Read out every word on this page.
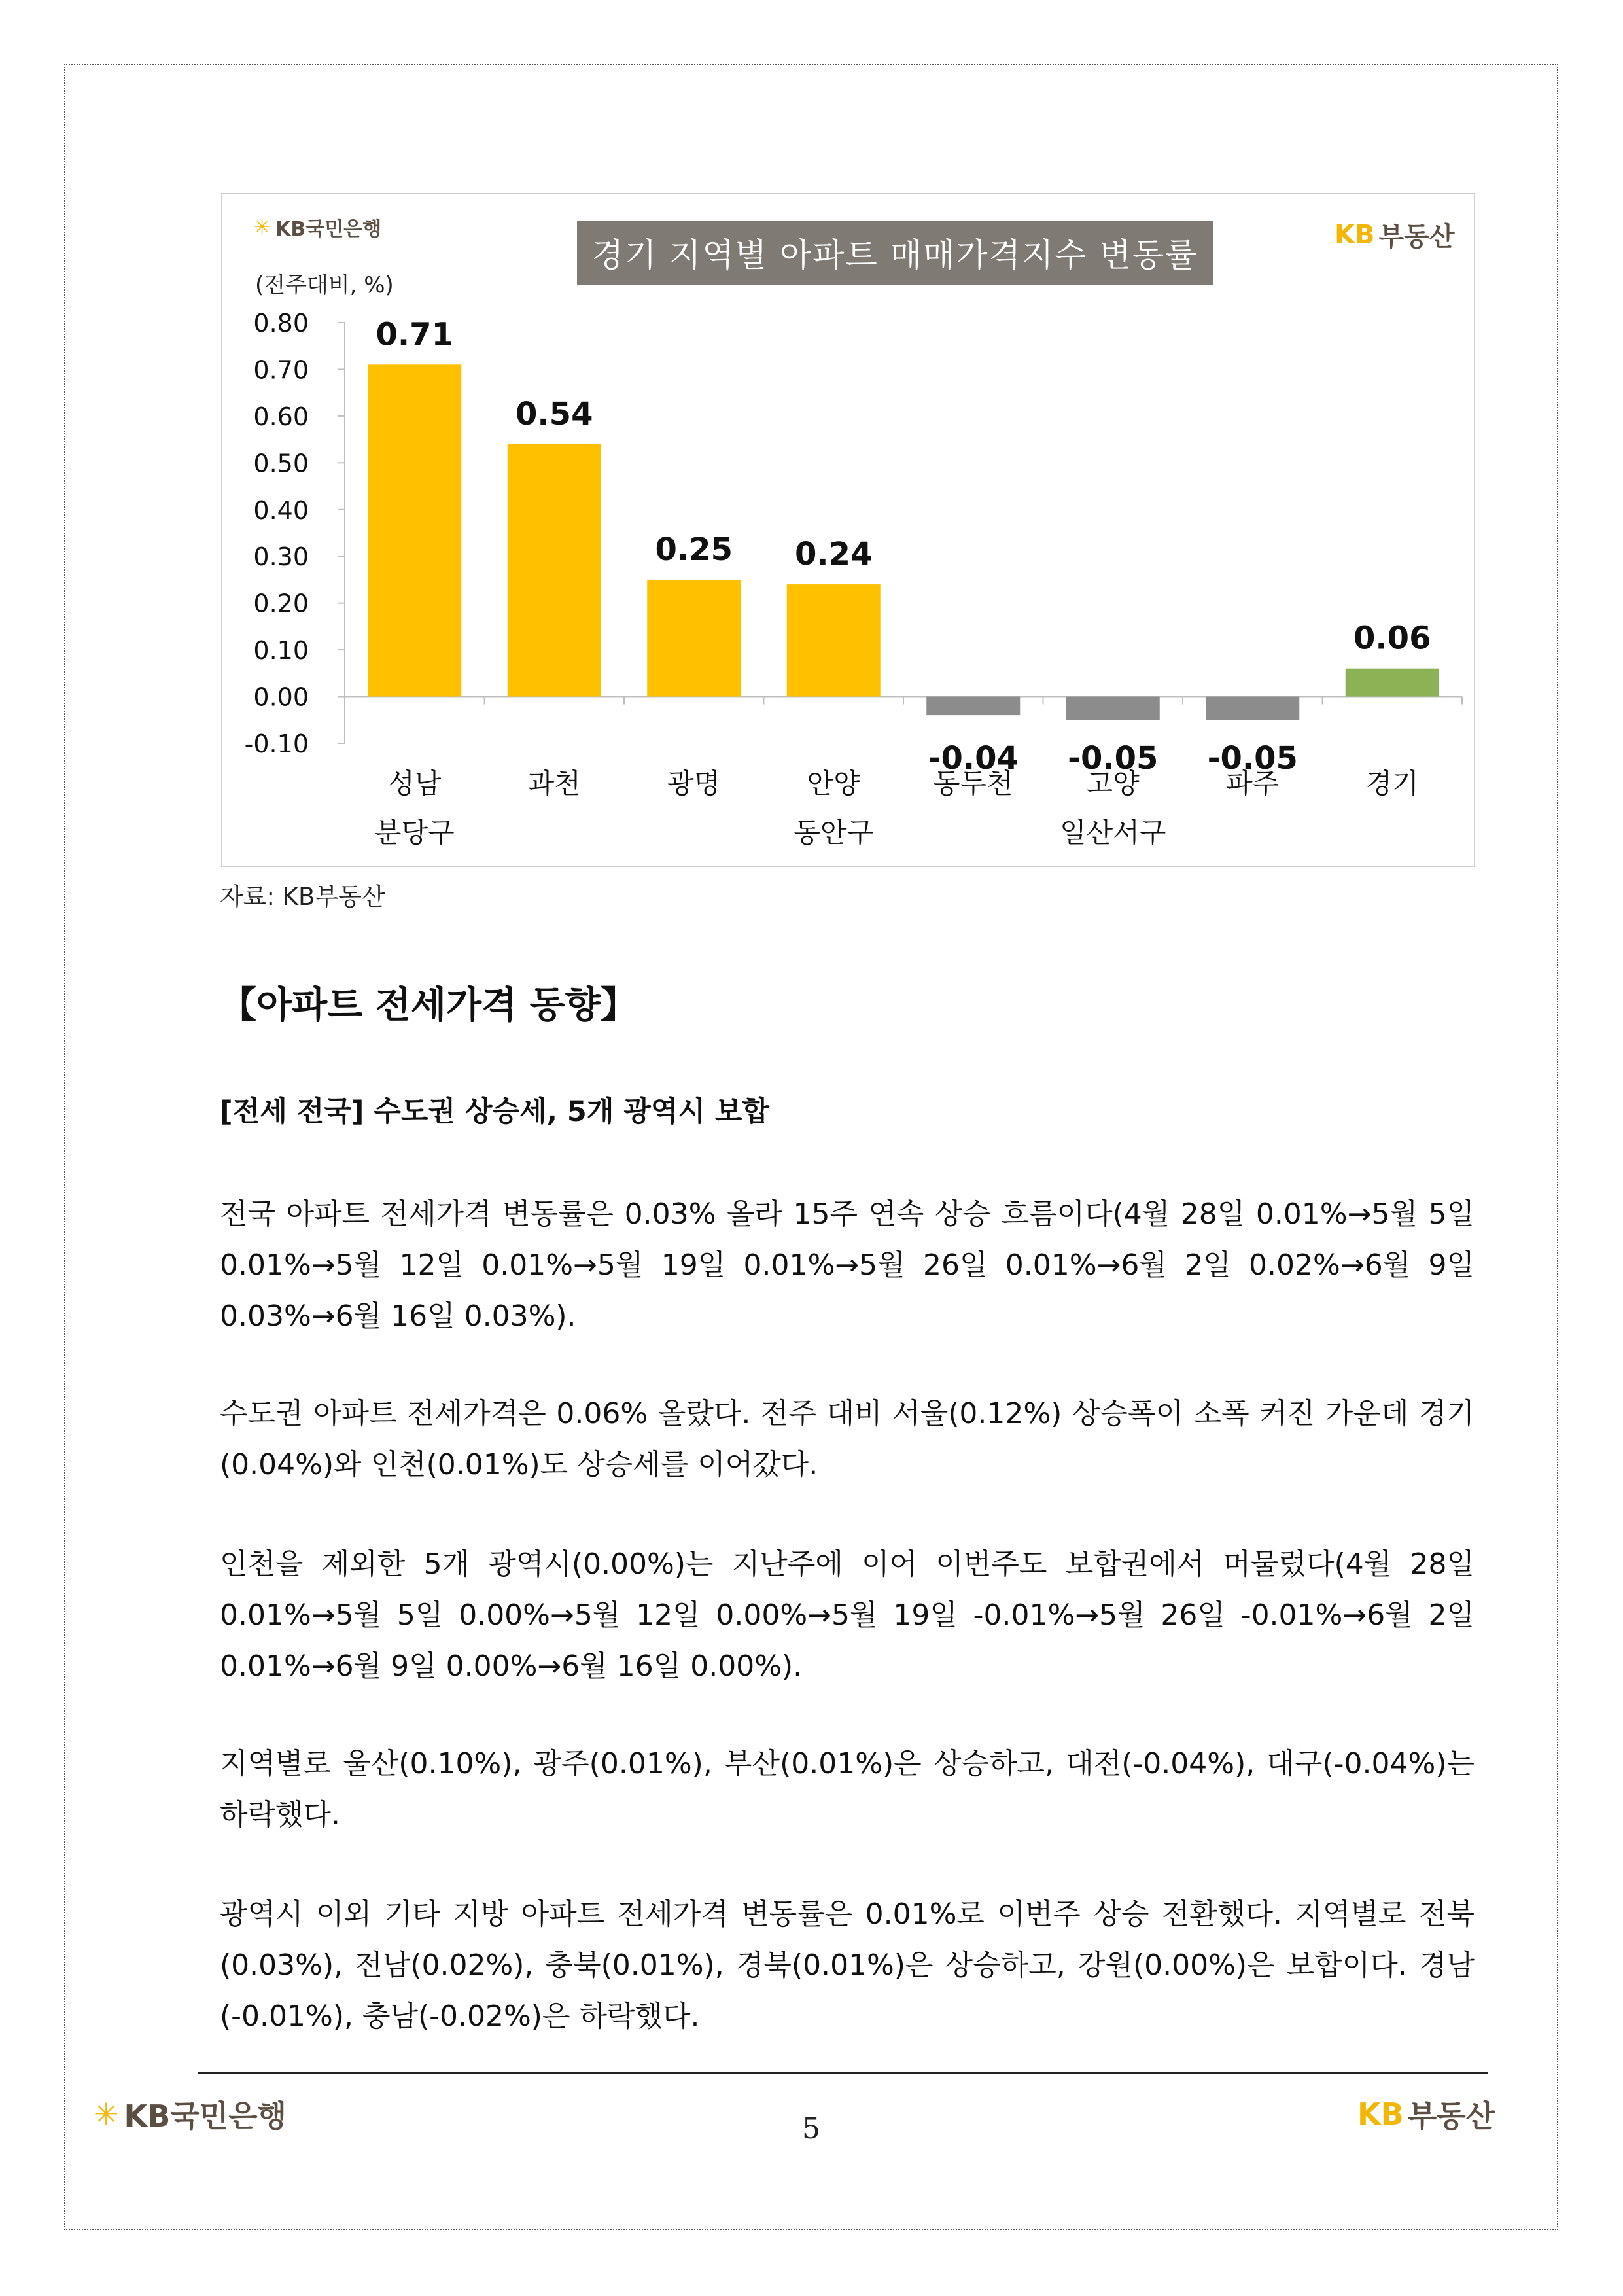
✳ KB국민은행
경기 지역별 아파트 매매가격지수 변동률
KB 부동산
(전주대비, %)
0.80
0.70
0.60
0.50
0.40
0.30
0.20
0.10
0.00
-0.10
0.71
성남
분당구
0.54
과천
0.25
광명
0.24
안양
동안구
-0.04
동두천
-0.05
고양
일산서구
-0.05
파주
0.06
경기
자료: KB부동산
【아파트 전세가격 동향】
[전세 전국] 수도권 상승세, 5개 광역시 보합

전국 아파트 전세가격 변동률은 0.03% 올라 15주 연속 상승 흐름이다(4월 28일 0.01%→5월 5일 0.01%→5월 12일 0.01%→5월 19일 0.01%→5월 26일 0.01%→6월 2일 0.02%→6월 9일 0.03%→6월 16일 0.03%).

수도권 아파트 전세가격은 0.06% 올랐다. 전주 대비 서울(0.12%) 상승폭이 소폭 커진 가운데 경기(0.04%)와 인천(0.01%)도 상승세를 이어갔다.

인천을 제외한 5개 광역시(0.00%)는 지난주에 이어 이번주도 보합권에서 머물렀다(4월 28일 0.01%→5월 5일 0.00%→5월 12일 0.00%→5월 19일 -0.01%→5월 26일 -0.01%→6월 2일 0.01%→6월 9일 0.00%→6월 16일 0.00%).

지역별로 울산(0.10%), 광주(0.01%), 부산(0.01%)은 상승하고, 대전(-0.04%), 대구(-0.04%)는 하락했다.

광역시 이외 기타 지방 아파트 전세가격 변동률은 0.01%로 이번주 상승 전환했다. 지역별로 전북(0.03%), 전남(0.02%), 충북(0.01%), 경북(0.01%)은 상승하고, 강원(0.00%)은 보합이다. 경남(-0.01%), 충남(-0.02%)은 하락했다.

✳ KB국민은행	5	KB 부동산
